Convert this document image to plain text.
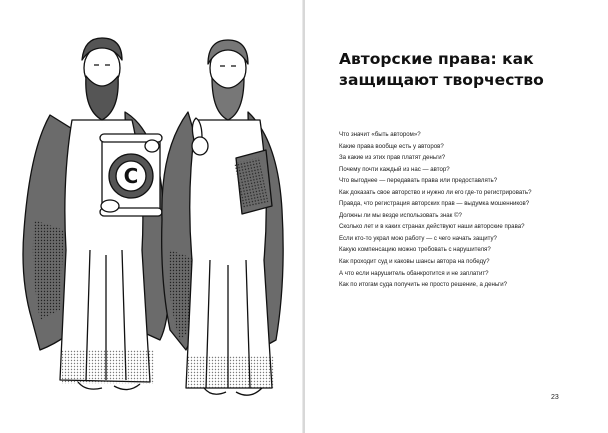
C
Авторские права: как защищают творчество
Что значит «быть автором»?
Какие права вообще есть у авторов?
За какие из этих прав платят деньги?
Почему почти каждый из нас — автор?
Что выгоднее — передавать права или предоставлять?
Как доказать свое авторство и нужно ли его где-то регистрировать?
Правда, что регистрация авторских прав — выдумка мошенников?
Должны ли мы везде использовать знак ©?
Сколько лет и в каких странах действуют наши авторские права?
Если кто-то украл мою работу — с чего начать защиту?
Какую компенсацию можно требовать с нарушителя?
Как проходит суд и каковы шансы автора на победу?
А что если нарушитель обанкротится и не заплатит?
Как по итогам суда получить не просто решение, а деньги?
23
